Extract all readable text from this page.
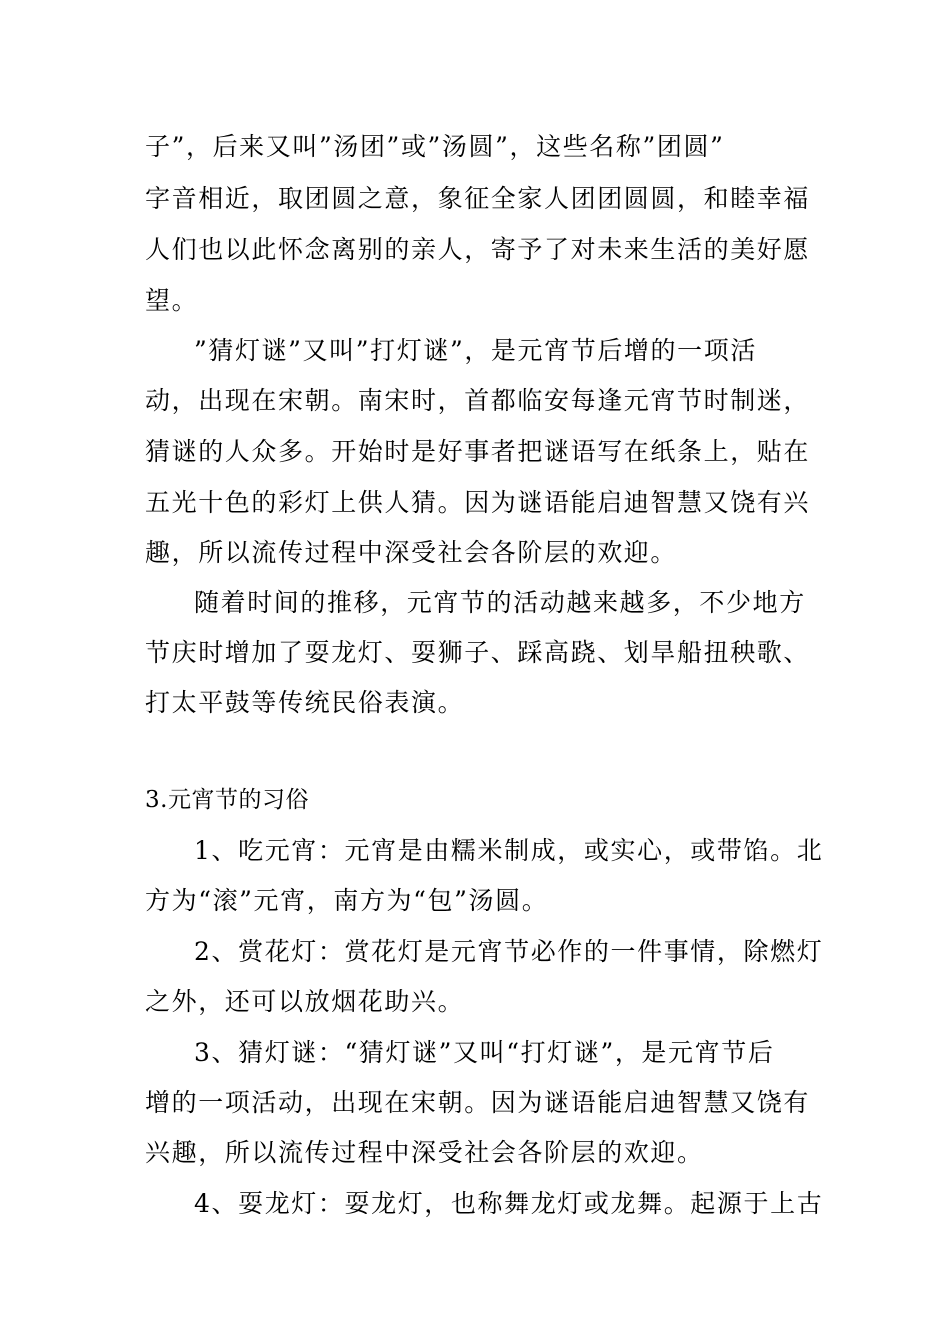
子”，后来又叫”汤团”或”汤圆”，这些名称”团圆”
字音相近，取团圆之意，象征全家人团团圆圆，和睦幸福
人们也以此怀念离别的亲人，寄予了对未来生活的美好愿
望。
”猜灯谜”又叫”打灯谜”，是元宵节后增的一项活
动，出现在宋朝。南宋时，首都临安每逢元宵节时制迷，
猜谜的人众多。开始时是好事者把谜语写在纸条上，贴在
五光十色的彩灯上供人猜。因为谜语能启迪智慧又饶有兴
趣，所以流传过程中深受社会各阶层的欢迎。
随着时间的推移，元宵节的活动越来越多，不少地方
节庆时增加了耍龙灯、耍狮子、踩高跷、划旱船扭秧歌、
打太平鼓等传统民俗表演。
3.元宵节的习俗
1、吃元宵：元宵是由糯米制成，或实心，或带馅。北
方为“滚”元宵，南方为“包”汤圆。
2、赏花灯：赏花灯是元宵节必作的一件事情，除燃灯
之外，还可以放烟花助兴。
3、猜灯谜：“猜灯谜”又叫“打灯谜”，是元宵节后
增的一项活动，出现在宋朝。因为谜语能启迪智慧又饶有
兴趣，所以流传过程中深受社会各阶层的欢迎。
4、耍龙灯：耍龙灯，也称舞龙灯或龙舞。起源于上古
